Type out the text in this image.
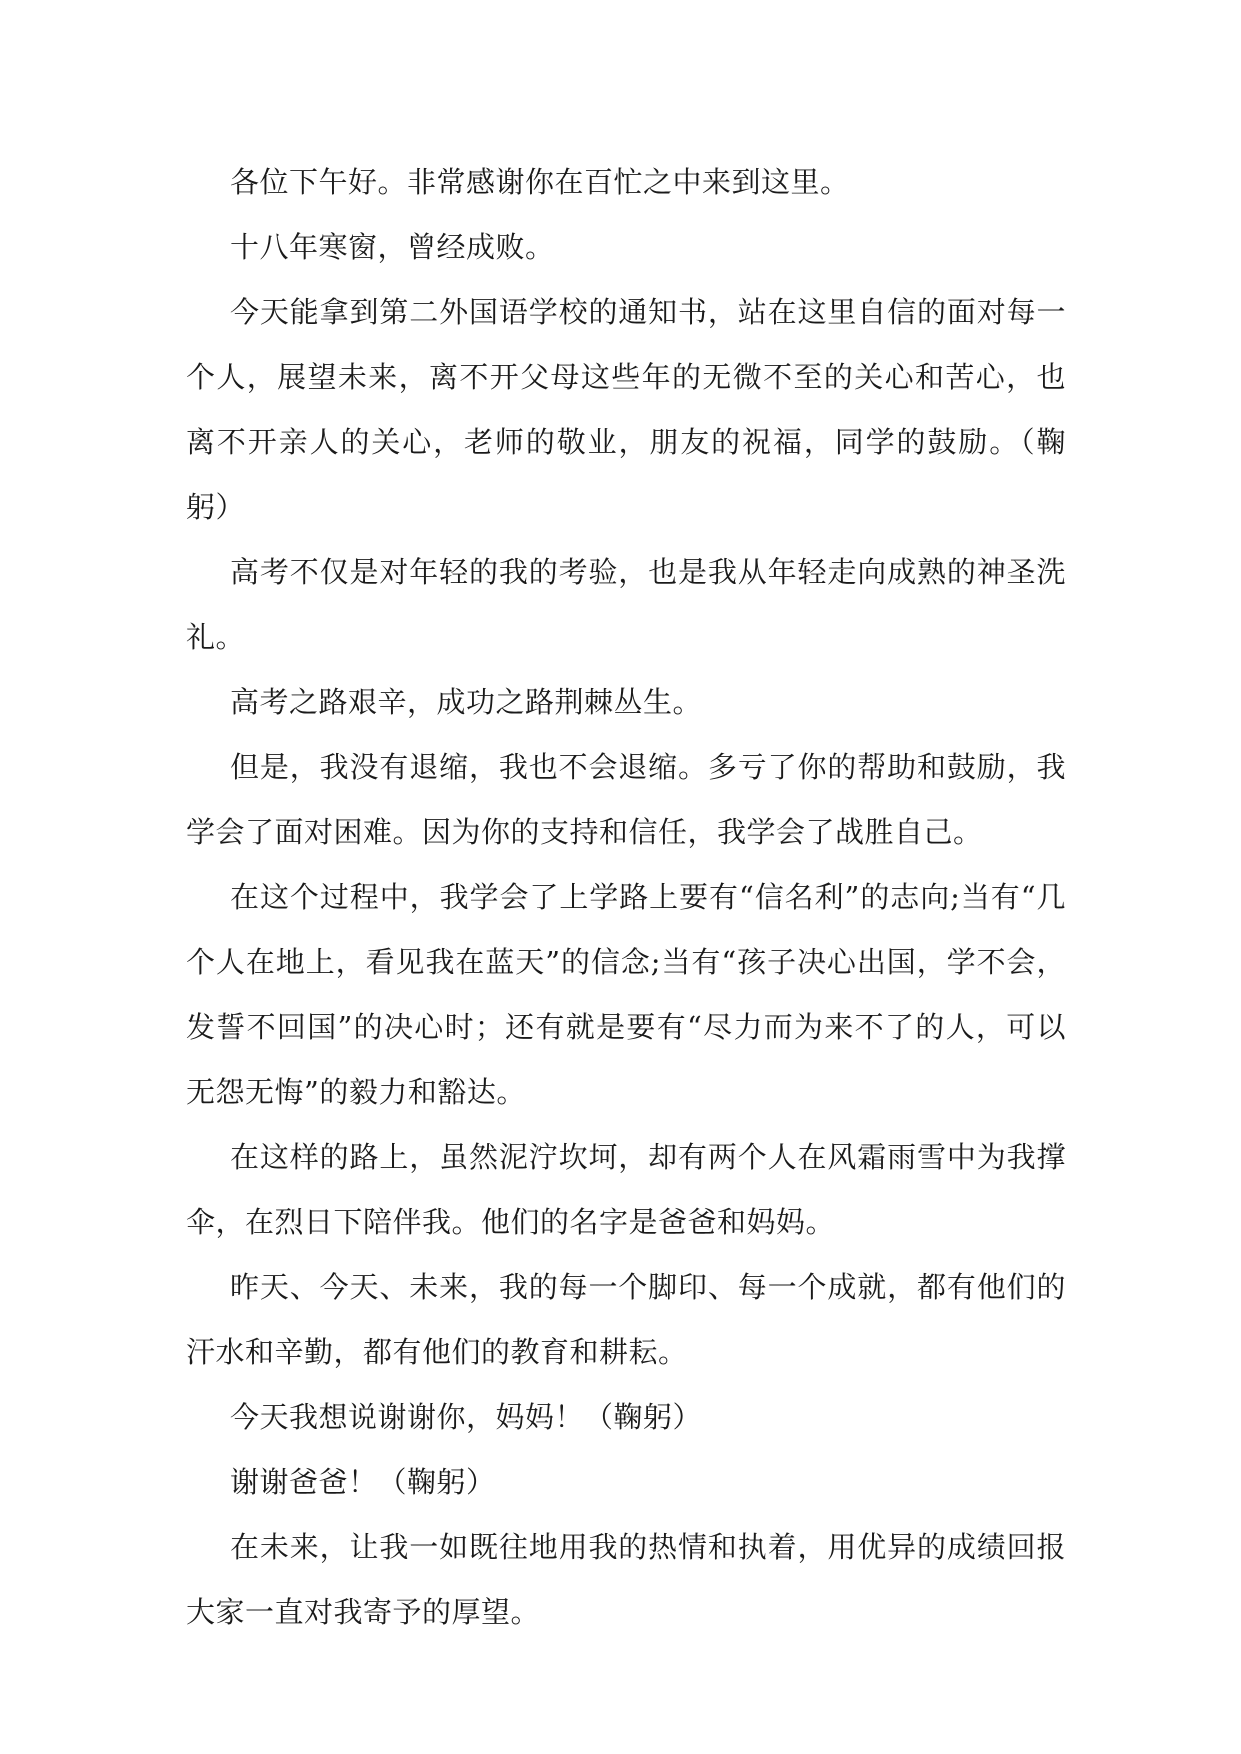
各位下午好。非常感谢你在百忙之中来到这里。

十八年寒窗，曾经成败。

今天能拿到第二外国语学校的通知书，站在这里自信的面对每一个人，展望未来，离不开父母这些年的无微不至的关心和苦心，也离不开亲人的关心，老师的敬业，朋友的祝福，同学的鼓励。（鞠躬）

高考不仅是对年轻的我的考验，也是我从年轻走向成熟的神圣洗礼。

高考之路艰辛，成功之路荆棘丛生。

但是，我没有退缩，我也不会退缩。多亏了你的帮助和鼓励，我学会了面对困难。因为你的支持和信任，我学会了战胜自己。

在这个过程中，我学会了上学路上要有“信名利”的志向;当有“几个人在地上，看见我在蓝天”的信念;当有“孩子决心出国，学不会，发誓不回国”的决心时；还有就是要有“尽力而为来不了的人，可以无怨无悔”的毅力和豁达。

在这样的路上，虽然泥泞坎坷，却有两个人在风霜雨雪中为我撑伞，在烈日下陪伴我。他们的名字是爸爸和妈妈。

昨天、今天、未来，我的每一个脚印、每一个成就，都有他们的汗水和辛勤，都有他们的教育和耕耘。

今天我想说谢谢你，妈妈！（鞠躬）

谢谢爸爸！（鞠躬）

在未来，让我一如既往地用我的热情和执着，用优异的成绩回报大家一直对我寄予的厚望。
